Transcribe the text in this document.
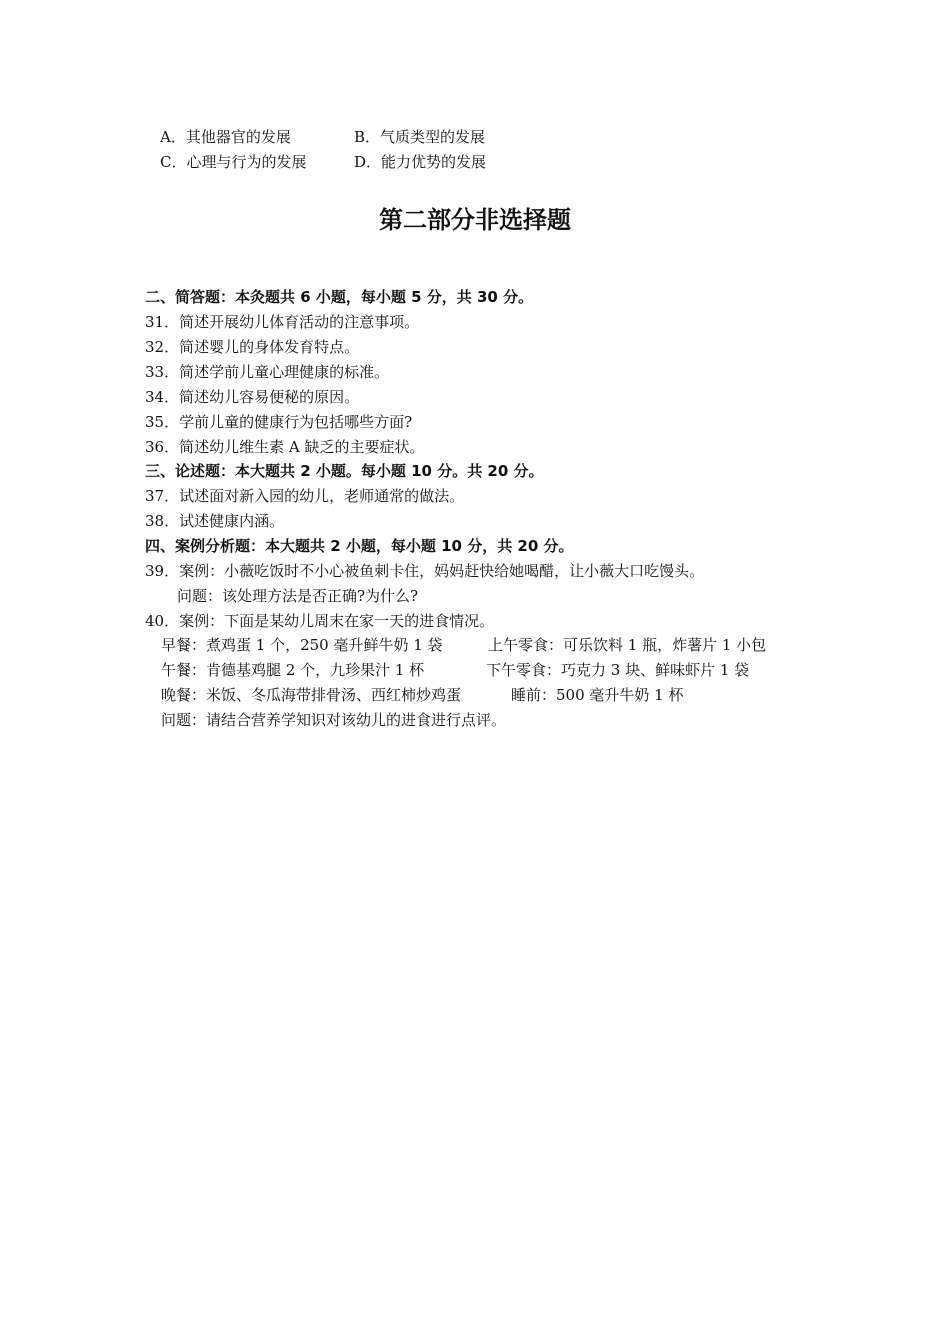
A．其他器官的发展	B．气质类型的发展
C．心理与行为的发展	D．能力优势的发展
第二部分非选择题
二、简答题：本灸题共 6 小题，每小题 5 分，共 30 分。
31．简述开展幼儿体育活动的注意事项。
32．简述婴儿的身体发育特点。
33．简述学前儿童心理健康的标准。
34．简述幼儿容易便秘的原因。
35．学前儿童的健康行为包括哪些方面?
36．简述幼儿维生素 A 缺乏的主要症状。
三、论述题：本大题共 2 小题。每小题 10 分。共 20 分。
37．试述面对新入园的幼儿，老师通常的做法。
38．试述健康内涵。
四、案例分析题：本大题共 2 小题，每小题 10 分，共 20 分。
39．案例：小薇吃饭时不小心被鱼刺卡住，妈妈赶快给她喝醋，让小薇大口吃馒头。
问题：该处理方法是否正确?为什么?
40．案例：下面是某幼儿周末在家一天的进食情况。
早餐：煮鸡蛋 1 个，250 毫升鲜牛奶 1 袋	上午零食：可乐饮料 1 瓶，炸薯片 1 小包
午餐：肯德基鸡腿 2 个，九珍果汁 1 杯	下午零食：巧克力 3 块、鲜味虾片 1 袋
晚餐：米饭、冬瓜海带排骨汤、西红柿炒鸡蛋	睡前：500 毫升牛奶 1 杯
问题：请结合营养学知识对该幼儿的进食进行点评。
